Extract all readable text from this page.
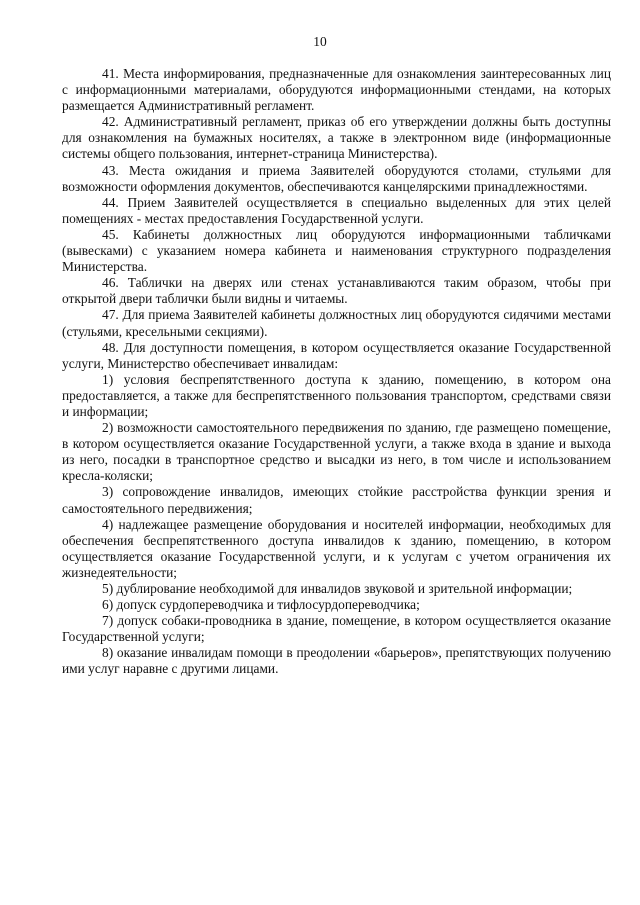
10

41. Места информирования, предназначенные для ознакомления заинтересованных лиц с информационными материалами, оборудуются информационными стендами, на которых размещается Административный регламент.

42. Административный регламент, приказ об его утверждении должны быть доступны для ознакомления на бумажных носителях, а также в электронном виде (информационные системы общего пользования, интернет-страница Министерства).

43. Места ожидания и приема Заявителей оборудуются столами, стульями для возможности оформления документов, обеспечиваются канцелярскими принадлежностями.

44. Прием Заявителей осуществляется в специально выделенных для этих целей помещениях - местах предоставления Государственной услуги.

45. Кабинеты должностных лиц оборудуются информационными табличками (вывесками) с указанием номера кабинета и наименования структурного подразделения Министерства.

46. Таблички на дверях или стенах устанавливаются таким образом, чтобы при открытой двери таблички были видны и читаемы.

47. Для приема Заявителей кабинеты должностных лиц оборудуются сидячими местами (стульями, кресельными секциями).

48. Для доступности помещения, в котором осуществляется оказание Государственной услуги, Министерство обеспечивает инвалидам:

1) условия беспрепятственного доступа к зданию, помещению, в котором она предоставляется, а также для беспрепятственного пользования транспортом, средствами связи и информации;

2) возможности самостоятельного передвижения по зданию, где размещено помещение, в котором осуществляется оказание Государственной услуги, а также входа в здание и выхода из него, посадки в транспортное средство и высадки из него, в том числе и использованием кресла-коляски;

3) сопровождение инвалидов, имеющих стойкие расстройства функции зрения и самостоятельного передвижения;

4) надлежащее размещение оборудования и носителей информации, необходимых для обеспечения беспрепятственного доступа инвалидов к зданию, помещению, в котором осуществляется оказание Государственной услуги, и к услугам с учетом ограничения их жизнедеятельности;

5) дублирование необходимой для инвалидов звуковой и зрительной информации;

6) допуск сурдопереводчика и тифлосурдопереводчика;

7) допуск собаки-проводника в здание, помещение, в котором осуществляется оказание Государственной услуги;

8) оказание инвалидам помощи в преодолении «барьеров», препятствующих получению ими услуг наравне с другими лицами.
